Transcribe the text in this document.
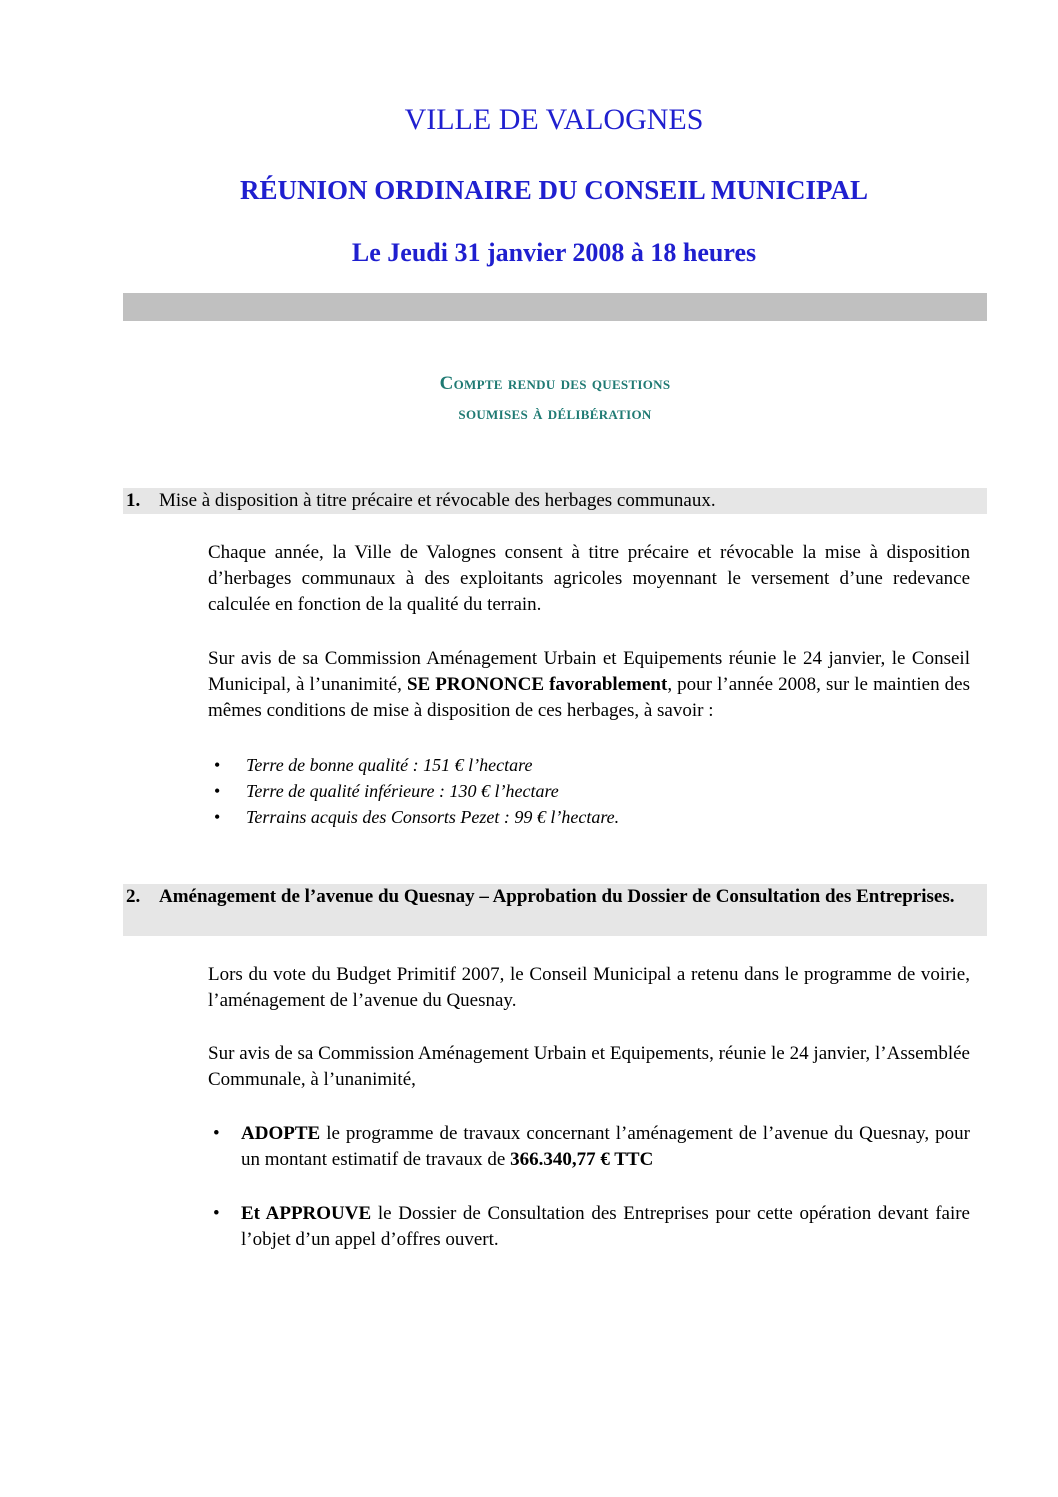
VILLE DE VALOGNES
RÉUNION ORDINAIRE DU CONSEIL MUNICIPAL
Le Jeudi 31 janvier 2008 à 18 heures
Compte rendu des questions
soumises à délibération
1. Mise à disposition à titre précaire et révocable des herbages communaux.

Chaque année, la Ville de Valognes consent à titre précaire et révocable la mise à disposition d’herbages communaux à des exploitants agricoles moyennant le versement d’une redevance calculée en fonction de la qualité du terrain.

Sur avis de sa Commission Aménagement Urbain et Equipements réunie le 24 janvier, le Conseil Municipal, à l’unanimité, SE PRONONCE favorablement, pour l’année 2008, sur le maintien des mêmes conditions de mise à disposition de ces herbages, à savoir :

• Terre de bonne qualité : 151 € l’hectare
• Terre de qualité inférieure : 130 € l’hectare
• Terrains acquis des Consorts Pezet : 99 € l’hectare.
2. Aménagement de l’avenue du Quesnay – Approbation du Dossier de Consultation des Entreprises.

Lors du vote du Budget Primitif 2007, le Conseil Municipal a retenu dans le programme de voirie, l’aménagement de l’avenue du Quesnay.

Sur avis de sa Commission Aménagement Urbain et Equipements, réunie le 24 janvier, l’Assemblée Communale, à l’unanimité,

• ADOPTE le programme de travaux concernant l’aménagement de l’avenue du Quesnay, pour un montant estimatif de travaux de 366.340,77 € TTC
• Et APPROUVE le Dossier de Consultation des Entreprises pour cette opération devant faire l’objet d’un appel d’offres ouvert.
